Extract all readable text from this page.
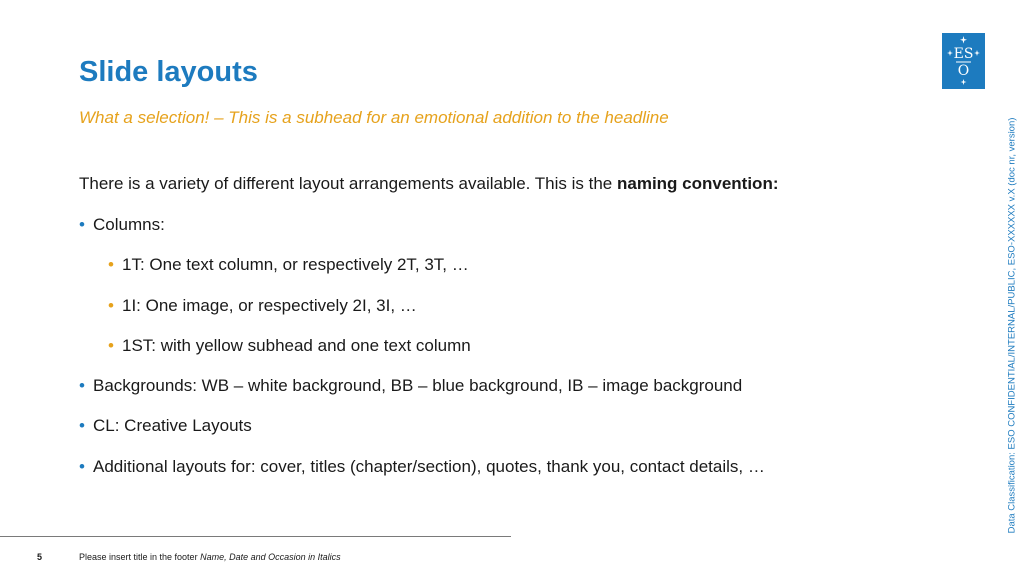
Slide layouts
What a selection! – This is a subhead for an emotional addition to the headline
There is a variety of different layout arrangements available. This is the naming convention:
• Columns:
• 1T: One text column, or respectively 2T, 3T, …
• 1I: One image, or respectively 2I, 3I, …
• 1ST: with yellow subhead and one text column
• Backgrounds: WB – white background, BB – blue background, IB – image background
• CL: Creative Layouts
• Additional layouts for: cover, titles (chapter/section), quotes, thank you, contact details, …
ES
O
Data Classification: ESO CONFIDENTIAL/INTERNAL/PUBLIC, ESO-XXXXXX v.X (doc nr, version)
5	Please insert title in the footer Name, Date and Occasion in Italics
